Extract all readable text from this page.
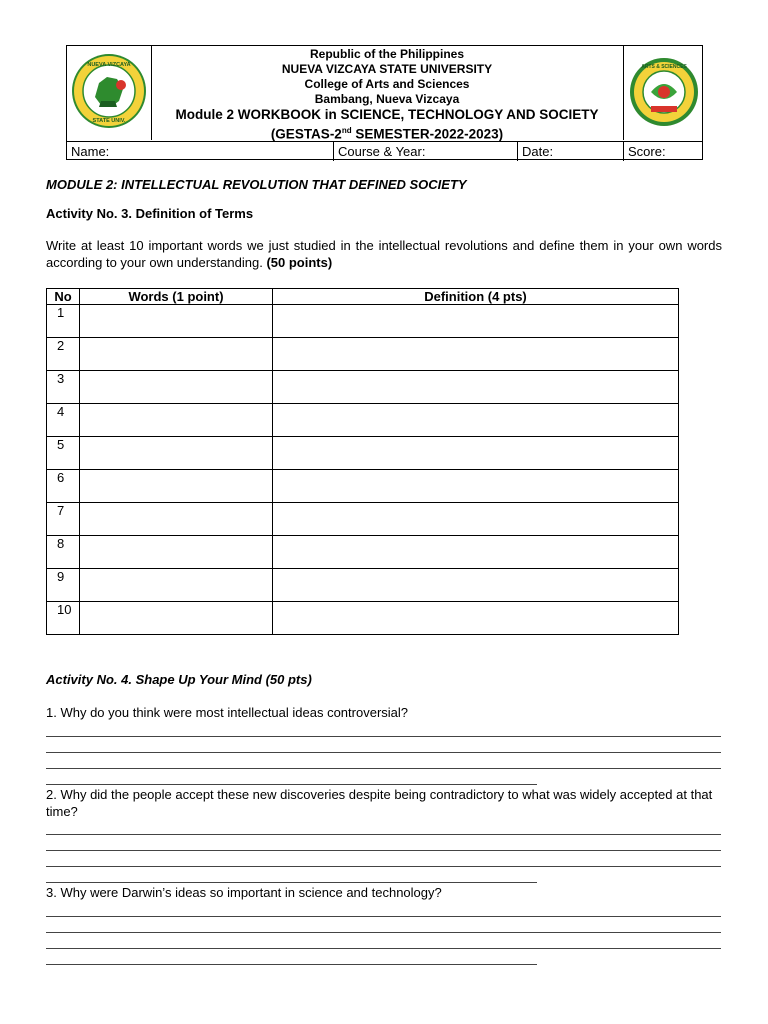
NUEVA VIZCAYA
STATE UNIV.
Republic of the Philippines
NUEVA VIZCAYA STATE UNIVERSITY
College of Arts and Sciences
Bambang, Nueva Vizcaya
Module 2 WORKBOOK in SCIENCE, TECHNOLOGY AND SOCIETY
(GESTAS-2nd SEMESTER-2022-2023)
ARTS & SCIENCES
Name:	Course & Year:	Date:	Score:
MODULE 2: INTELLECTUAL REVOLUTION THAT DEFINED SOCIETY
Activity No. 3. Definition of Terms
Write at least 10 important words we just studied in the intellectual revolutions and define them in your own words according to your own understanding. (50 points)
No	Words (1 point)	Definition (4 pts)
1		
2		
3		
4		
5		
6		
7		
8		
9		
10		
Activity No. 4. Shape Up Your Mind (50 pts)
1. Why do you think were most intellectual ideas controversial?
2. Why did the people accept these new discoveries despite being contradictory to what was widely accepted at that time?
3. Why were Darwin’s ideas so important in science and technology?
